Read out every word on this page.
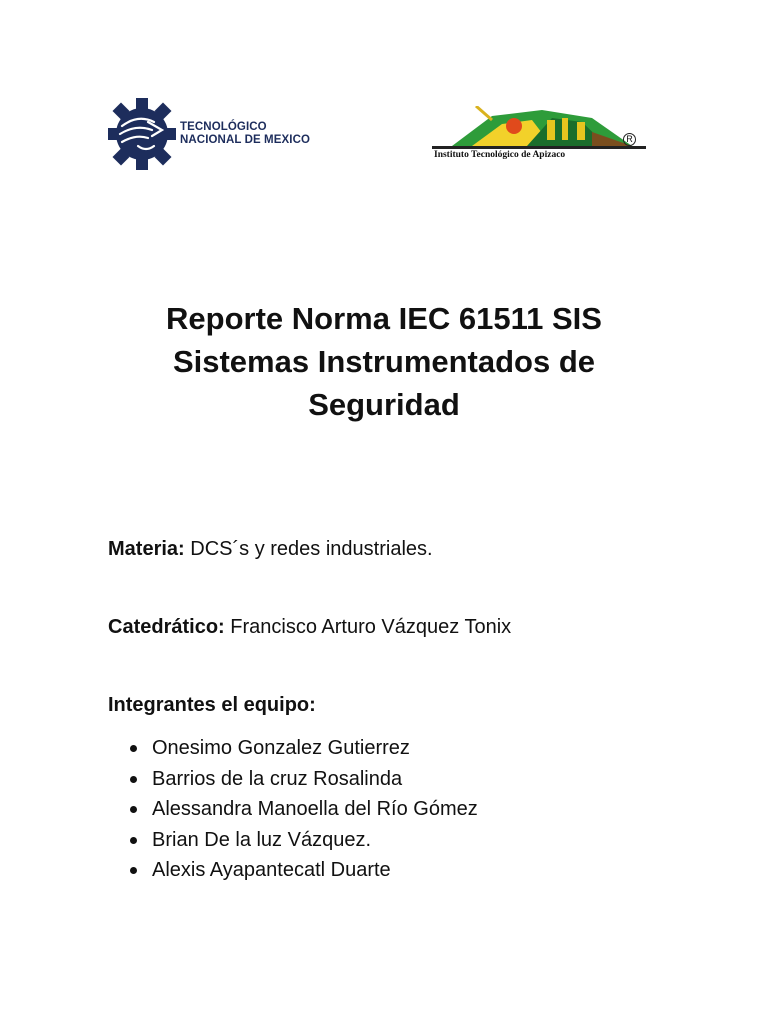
TECNOLÓGICO
NACIONAL DE MEXICO	R
Instituto Tecnológico de Apizaco
Reporte Norma IEC 61511 SIS
Sistemas Instrumentados de
Seguridad
Materia: DCS´s y redes industriales.
Catedrático: Francisco Arturo Vázquez Tonix
Integrantes el equipo:
Onesimo Gonzalez Gutierrez
Barrios de la cruz Rosalinda
Alessandra Manoella del Río Gómez
Brian De la luz Vázquez.
Alexis Ayapantecatl Duarte
